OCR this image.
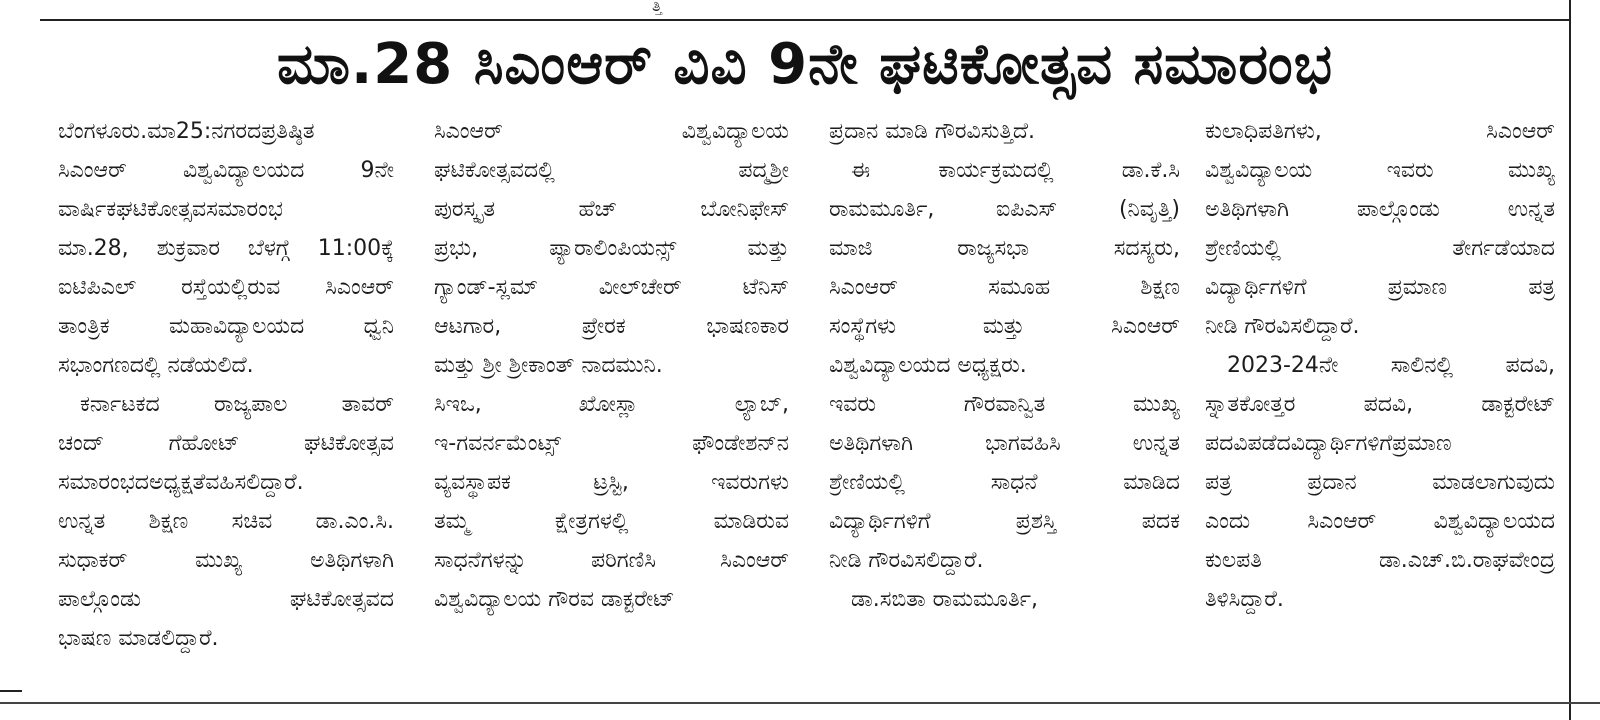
ತ್ತಿ
ಮಾ.28 ಸಿಎಂಆರ್ ವಿವಿ 9ನೇ ಘಟಿಕೋತ್ಸವ ಸಮಾರಂಭ
ಬೆಂಗಳೂರು.ಮಾ25:ನಗರದಪ್ರತಿಷ್ಠಿತ
ಸಿಎಂಆರ್ ವಿಶ್ವವಿದ್ಯಾಲಯದ 9ನೇ
ವಾರ್ಷಿಕಘಟಿಕೋತ್ಸವಸಮಾರಂಭ
ಮಾ.28, ಶುಕ್ರವಾರ ಬೆಳಗ್ಗೆ 11:00ಕ್ಕೆ
ಐಟಿಪಿಎಲ್ ರಸ್ತೆಯಲ್ಲಿರುವ ಸಿಎಂಆರ್
ತಾಂತ್ರಿಕ ಮಹಾವಿದ್ಯಾಲಯದ ಧ್ವನಿ
ಸಭಾಂಗಣದಲ್ಲಿ ನಡೆಯಲಿದೆ.
ಕರ್ನಾಟಕದ ರಾಜ್ಯಪಾಲ ತಾವರ್
ಚಂದ್ ಗೆಹೋಟ್ ಘಟಿಕೋತ್ಸವ
ಸಮಾರಂಭದಅಧ್ಯಕ್ಷತೆವಹಿಸಲಿದ್ದಾರೆ.
ಉನ್ನತ ಶಿಕ್ಷಣ ಸಚಿವ ಡಾ.ಎಂ.ಸಿ.
ಸುಧಾಕರ್ ಮುಖ್ಯ ಅತಿಥಿಗಳಾಗಿ
ಪಾಲ್ಗೊಂಡು ಘಟಿಕೋತ್ಸವದ
ಭಾಷಣ ಮಾಡಲಿದ್ದಾರೆ.
ಸಿಎಂಆರ್ ವಿಶ್ವವಿದ್ಯಾಲಯ
ಘಟಿಕೋತ್ಸವದಲ್ಲಿ ಪದ್ಮಶ್ರೀ
ಪುರಸ್ಕೃತ ಹೆಚ್ ಬೋನಿಫೇಸ್
ಪ್ರಭು, ಪ್ಯಾರಾಲಿಂಪಿಯನ್ಸ್ ಮತ್ತು
ಗ್ಯಾಂಡ್-ಸ್ಲಮ್ ವೀಲ್‌ಚೇರ್ ಟೆನಿಸ್
ಆಟಗಾರ, ಪ್ರೇರಕ ಭಾಷಣಕಾರ
ಮತ್ತು ಶ್ರೀ ಶ್ರೀಕಾಂತ್ ನಾದಮುನಿ.
ಸಿಇಒ, ಖೋಸ್ಲಾ ಲ್ಯಾಬ್,
ಇ-ಗವರ್ನಮೆಂಟ್ಸ್ ಫೌಂಡೇಶನ್‌ನ
ವ್ಯವಸ್ಥಾಪಕ ಟ್ರಸ್ಟಿ, ಇವರುಗಳು
ತಮ್ಮ ಕ್ಷೇತ್ರಗಳಲ್ಲಿ ಮಾಡಿರುವ
ಸಾಧನೆಗಳನ್ನು ಪರಿಗಣಿಸಿ ಸಿಎಂಆರ್
ವಿಶ್ವವಿದ್ಯಾಲಯ ಗೌರವ ಡಾಕ್ಟರೇಟ್
ಪ್ರದಾನ ಮಾಡಿ ಗೌರವಿಸುತ್ತಿದೆ.
ಈ ಕಾರ್ಯಕ್ರಮದಲ್ಲಿ ಡಾ.ಕೆ.ಸಿ
ರಾಮಮೂರ್ತಿ, ಐಪಿಎಸ್ (ನಿವೃತ್ತಿ)
ಮಾಜಿ ರಾಜ್ಯಸಭಾ ಸದಸ್ಯರು,
ಸಿಎಂಆರ್ ಸಮೂಹ ಶಿಕ್ಷಣ
ಸಂಸ್ಥೆಗಳು ಮತ್ತು ಸಿಎಂಆರ್
ವಿಶ್ವವಿದ್ಯಾಲಯದ ಅಧ್ಯಕ್ಷರು.
ಇವರು ಗೌರವಾನ್ವಿತ ಮುಖ್ಯ
ಅತಿಥಿಗಳಾಗಿ ಭಾಗವಹಿಸಿ ಉನ್ನತ
ಶ್ರೇಣಿಯಲ್ಲಿ ಸಾಧನೆ ಮಾಡಿದ
ವಿದ್ಯಾರ್ಥಿಗಳಿಗೆ ಪ್ರಶಸ್ತಿ ಪದಕ
ನೀಡಿ ಗೌರವಿಸಲಿದ್ದಾರೆ.
ಡಾ.ಸಬಿತಾ ರಾಮಮೂರ್ತಿ,
ಕುಲಾಧಿಪತಿಗಳು, ಸಿಎಂಆರ್
ವಿಶ್ವವಿದ್ಯಾಲಯ ಇವರು ಮುಖ್ಯ
ಅತಿಥಿಗಳಾಗಿ ಪಾಲ್ಗೊಂಡು ಉನ್ನತ
ಶ್ರೇಣಿಯಲ್ಲಿ ತೇರ್ಗಡೆಯಾದ
ವಿದ್ಯಾರ್ಥಿಗಳಿಗೆ ಪ್ರಮಾಣ ಪತ್ರ
ನೀಡಿ ಗೌರವಿಸಲಿದ್ದಾರೆ.
2023-24ನೇ ಸಾಲಿನಲ್ಲಿ ಪದವಿ,
ಸ್ನಾತಕೋತ್ತರ ಪದವಿ, ಡಾಕ್ಟರೇಟ್
ಪದವಿಪಡೆದವಿದ್ಯಾರ್ಥಿಗಳಿಗೆಪ್ರಮಾಣ
ಪತ್ರ ಪ್ರದಾನ ಮಾಡಲಾಗುವುದು
ಎಂದು ಸಿಎಂಆರ್ ವಿಶ್ವವಿದ್ಯಾಲಯದ
ಕುಲಪತಿ ಡಾ.ಎಚ್.ಬಿ.ರಾಘವೇಂದ್ರ
ತಿಳಿಸಿದ್ದಾರೆ.
